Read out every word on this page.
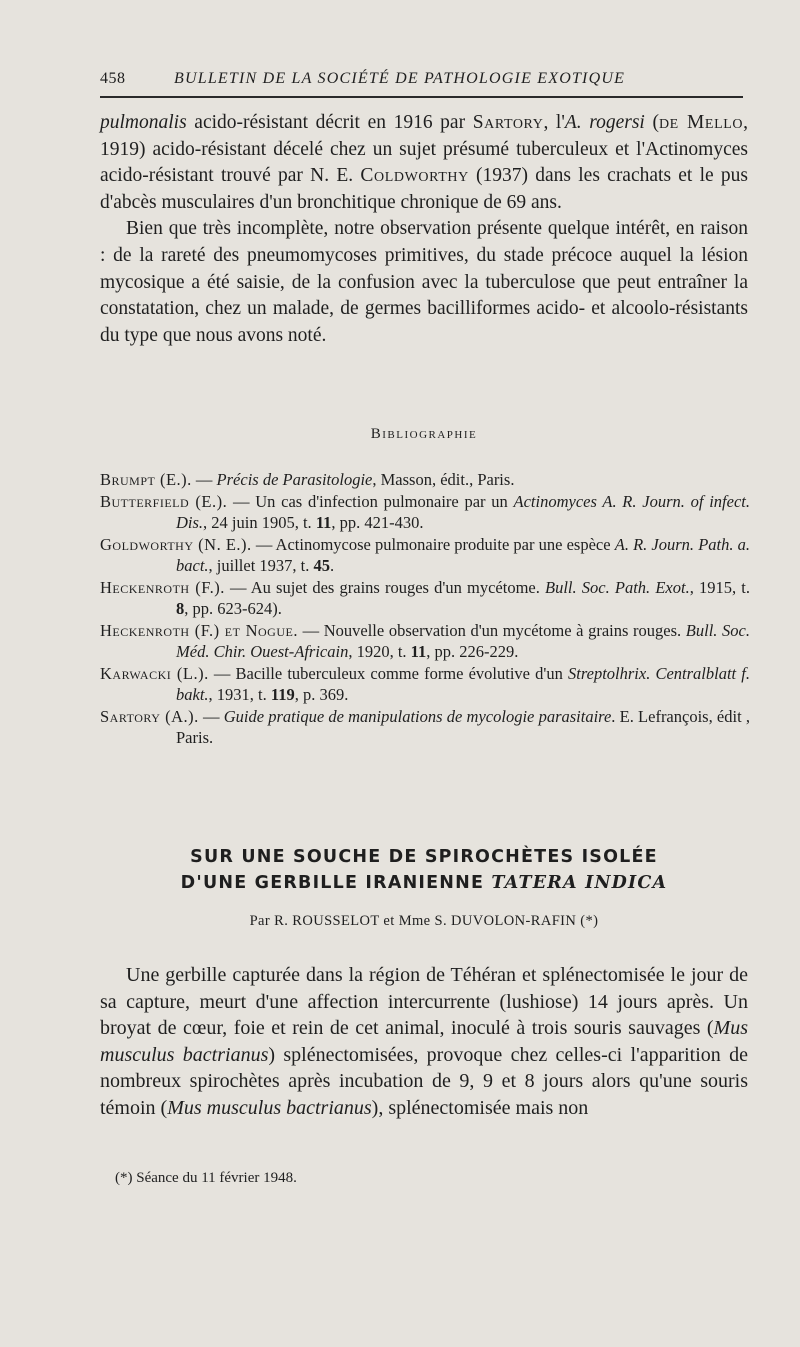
458	BULLETIN DE LA SOCIÉTÉ DE PATHOLOGIE EXOTIQUE

pulmonalis acido-résistant décrit en 1916 par Sartory, l'A. rogersi (de Mello, 1919) acido-résistant décelé chez un sujet présumé tuberculeux et l'Actinomyces acido-résistant trouvé par N. E. Coldworthy (1937) dans les crachats et le pus d'abcès musculaires d'un bronchitique chronique de 69 ans.

Bien que très incomplète, notre observation présente quelque intérêt, en raison : de la rareté des pneumomycoses primitives, du stade précoce auquel la lésion mycosique a été saisie, de la confusion avec la tuberculose que peut entraîner la constatation, chez un malade, de germes bacilliformes acido- et alcoolo-résistants du type que nous avons noté.

Bibliographie

Brumpt (E.). — Précis de Parasitologie, Masson, édit., Paris.

Butterfield (E.). — Un cas d'infection pulmonaire par un Actinomyces A. R. Journ. of infect. Dis., 24 juin 1905, t. 11, pp. 421-430.

Goldworthy (N. E.). — Actinomycose pulmonaire produite par une espèce A. R. Journ. Path. a. bact., juillet 1937, t. 45.

Heckenroth (F.). — Au sujet des grains rouges d'un mycétome. Bull. Soc. Path. Exot., 1915, t. 8, pp. 623-624).

Heckenroth (F.) et Nogue. — Nouvelle observation d'un mycétome à grains rouges. Bull. Soc. Méd. Chir. Ouest-Africain, 1920, t. 11, pp. 226-229.

Karwacki (L.). — Bacille tuberculeux comme forme évolutive d'un Streptolhrix. Centralblatt f. bakt., 1931, t. 119, p. 369.

Sartory (A.). — Guide pratique de manipulations de mycologie parasitaire. E. Lefrançois, édit , Paris.

SUR UNE SOUCHE DE SPIROCHÈTES ISOLÉE
D'UNE GERBILLE IRANIENNE TATERA INDICA
Par R. ROUSSELOT et Mme S. DUVOLON-RAFIN (*)

Une gerbille capturée dans la région de Téhéran et splénectomisée le jour de sa capture, meurt d'une affection intercurrente (lushiose) 14 jours après. Un broyat de cœur, foie et rein de cet animal, inoculé à trois souris sauvages (Mus musculus bactrianus) splénectomisées, provoque chez celles-ci l'apparition de nombreux spirochètes après incubation de 9, 9 et 8 jours alors qu'une souris témoin (Mus musculus bactrianus), splénectomisée mais non

(*) Séance du 11 février 1948.
